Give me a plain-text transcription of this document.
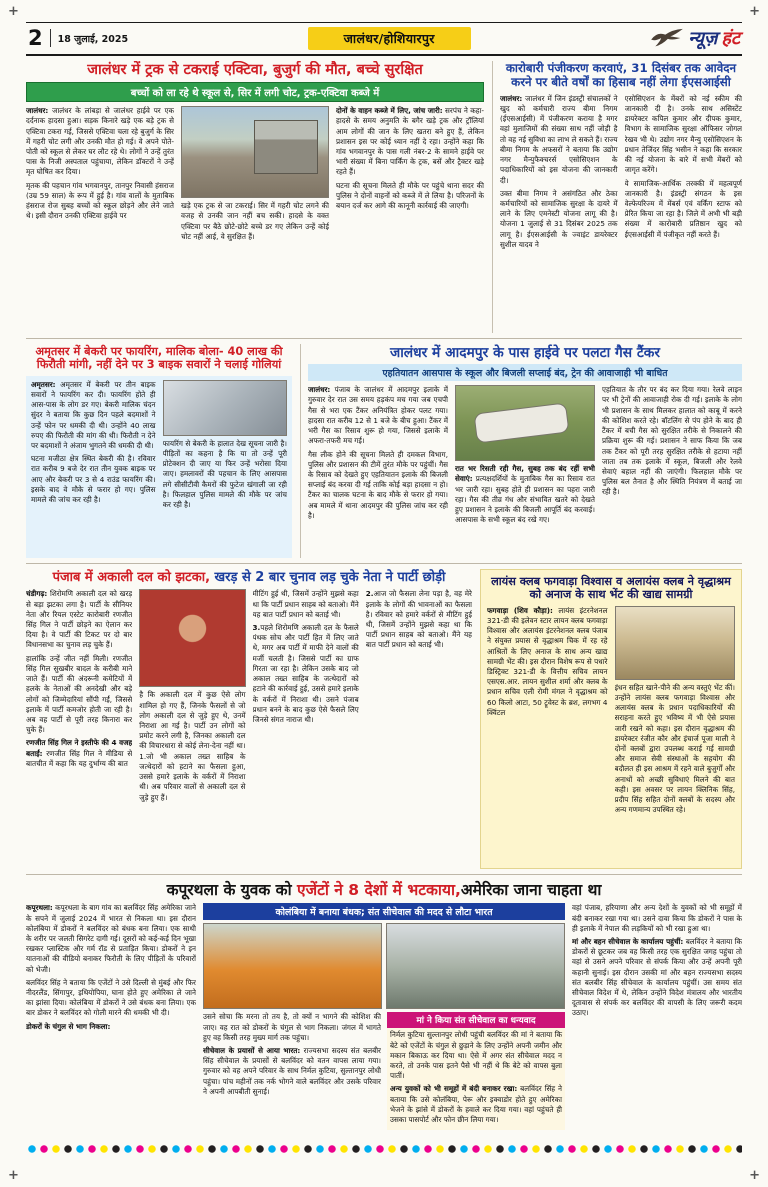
+	+
+	+
2 18 जुलाई, 2025	जालंधर/होशियारपुर	न्यूज़ हंट
जालंधर में ट्रक से टकराई एक्टिवा, बुजुर्ग की मौत, बच्चे सुरक्षित
बच्चों को ला रहे थे स्कूल से, सिर में लगी चोट, ट्रक-एक्टिवा कब्जे में

जालंधर: जालंधर के लांबड़ा से जालंधर हाईवे पर एक दर्दनाक हादसा हुआ। सड़क किनारे खड़े एक बड़े ट्रक से एक्टिवा टकरा गई, जिससे एक्टिवा चला रहे बुजुर्ग के सिर में गहरी चोट लगी और उनकी मौत हो गई। वे अपने पोते-पोती को स्कूल से लेकर घर लौट रहे थे। लोगों ने उन्हें तुरंत पास के निजी अस्पताल पहुंचाया, लेकिन डॉक्टरों ने उन्हें मृत घोषित कर दिया।

मृतक की पहचान गांव भगवानपुर, तानपुर निवासी हंसराज (उम्र 59 साल) के रूप में हुई है। गांव वालों के मुताबिक हंसराज रोज सुबह बच्चों को स्कूल छोड़ने और लेने जाते थे। इसी दौरान उनकी एक्टिवा हाईवे पर

खड़े एक ट्रक से जा टकराई। सिर में गहरी चोट लगने की वजह से उनकी जान नहीं बच सकी। हादसे के वक्त एक्टिवा पर बैठे छोटे-छोटे बच्चे डर गए लेकिन उन्हें कोई चोट नहीं आई, वे सुरक्षित हैं।

दोनों के वाहन कब्जे में लिए, जांच जारी: सरपंच ने कहा- हादसे के समय अनुमति के बगैर खड़े ट्रक और ट्रॉलियां आम लोगों की जान के लिए खतरा बने हुए हैं, लेकिन प्रशासन इस पर कोई ध्यान नहीं दे रहा। उन्होंने कहा कि गांव भगवानपुर के पास गली नंबर-2 के सामने हाईवे पर भारी संख्या में बिना पार्किंग के ट्रक, बसें और ट्रैक्टर खड़े रहते हैं।

घटना की सूचना मिलते ही मौके पर पहुंचे थाना सदर की पुलिस ने दोनों वाहनों को कब्जे में ले लिया है। परिजनों के बयान दर्ज कर आगे की कानूनी कार्रवाई की जाएगी।

कारोबारी पंजीकरण करवाएं, 31 दिसंबर तक आवेदन करने पर बीते वर्षों का हिसाब नहीं लेगा ईएसआईसी

जालंधर: जालंधर में जिन इंडस्ट्री संचालकों ने खुद को कर्मचारी राज्य बीमा निगम (ईएसआईसी) में पंजीकरण कराया है मगर वहां मुलाजिमों की संख्या साथ नहीं जोड़ी है तो वह नई सुविधा का लाभ ले सकते हैं। राज्य बीमा निगम के अफसरों ने बताया कि उद्योग नगर मैन्युफैक्चरर्स एसोसिएशन के पदाधिकारियों को इस योजना की जानकारी दी।

उक्त बीमा निगम ने असंगठित और ठेका कर्मचारियों को सामाजिक सुरक्षा के दायरे में लाने के लिए एमनेस्टी योजना लागू की है। योजना 1 जुलाई से 31 दिसंबर 2025 तक लागू है। ईएसआईसी के ज्वाइंट डायरेक्टर सुशील यादव ने

एसोसिएशन के मेंबरों को नई स्कीम की जानकारी दी है। उनके साथ असिस्टेंट डायरेक्टर कपिल कुमार और दीपक कुमार, विभाग के सामाजिक सुरक्षा ऑफिसर जोगल रेखव भी थे। उद्योग नगर मैन्यु एसोसिएशन के प्रधान तेजिंदर सिंह भसीन ने कहा कि सरकार की नई योजना के बारे में सभी मेंबरों को जागृत करेंगे।

ये सामाजिक-आर्थिक तरक्की में महत्वपूर्ण जानकारी है। इंडस्ट्री संगठन के इस वेल्फेयरिज्म में मेंबर्स एवं वर्किंग स्टाफ को प्रेरित किया जा रहा है। जिले में अभी भी बड़ी संख्या में कारोबारी प्रतिष्ठान खुद को ईएसआईसी में पंजीकृत नहीं करते हैं।

अमृतसर में बेकरी पर फायरिंग, मालिक बोला- 40 लाख की फिरौती मांगी, नहीं देने पर 3 बाइक सवारों ने चलाई गोलियां

अमृतसर: अमृतसर में बेकरी पर तीन बाइक सवारों ने फायरिंग कर दी। फायरिंग होते ही आस-पास के लोग डर गए। बेकरी मालिक चंदन सुंदर ने बताया कि कुछ दिन पहले बदमाशों ने उन्हें फोन पर धमकी दी थी। उन्होंने 40 लाख रुपए की फिरौती की मांग की थी। फिरौती न देने पर बदमाशों ने अंजाम भुगतने की धमकी दी थी।

घटना मजीठा क्षेत्र स्थित बेकरी की है। रविवार रात करीब 9 बजे देर रात तीन युवक बाइक पर आए और बेकरी पर 3 से 4 राउंड फायरिंग की। इसके बाद वे मौके से फरार हो गए। पुलिस मामले की जांच कर रही है।

फायरिंग से बेकरी के हालात देख सूचना जारी है। पीड़ितों का कहना है कि या तो उन्हें पूरी प्रोटेक्शन दी जाए या फिर उन्हें भरोसा दिया जाए। हमलावरों की पहचान के लिए आसपास लगे सीसीटीवी कैमरों की फुटेज खंगाली जा रही है। फिलहाल पुलिस मामले की मौके पर जांच कर रही है।

जालंधर में आदमपुर के पास हाईवे पर पलटा गैस टैंकर
एहतियातन आसपास के स्कूल और बिजली सप्लाई बंद, ट्रेन की आवाजाही भी बाधित

जालंधर: पंजाब के जालंधर में आदमपुर इलाके में गुरुवार देर रात उस समय हड़कंप मच गया जब एचपी गैस से भरा एक टैंकर अनियंत्रित होकर पलट गया। हादसा रात करीब 12 से 1 बजे के बीच हुआ। टैंकर में भरी गैस का रिसाव शुरू हो गया, जिससे इलाके में अफरा-तफरी मच गई।

गैस लीक होने की सूचना मिलते ही दमकल विभाग, पुलिस और प्रशासन की टीमें तुरंत मौके पर पहुंचीं। गैस के रिसाव को देखते हुए एहतियातन इलाके की बिजली सप्लाई बंद करवा दी गई ताकि कोई बड़ा हादसा न हो। टैंकर का चालक घटना के बाद मौके से फरार हो गया। अब मामले में थाना आदमपुर की पुलिस जांच कर रही है।

रात भर रिसती रही गैस, सुबह तक बंद रहीं सभी सेवाएं: प्रत्यक्षदर्शियों के मुताबिक गैस का रिसाव रात भर जारी रहा। सुबह होते ही प्रशासन का पहरा जारी रहा। गैस की तीव्र गंध और संभावित खतरे को देखते हुए प्रशासन ने इलाके की बिजली आपूर्ति बंद करवाई। आसपास के सभी स्कूल बंद रखे गए।

एहतियात के तौर पर बंद कर दिया गया। रेलवे लाइन पर भी ट्रेनों की आवाजाही रोक दी गई। इलाके के लोग भी प्रशासन के साथ मिलकर हालात को काबू में करने की कोशिश करते रहे। बॉटलिंग से पंप होने के बाद ही टैंकर में बची गैस को सुरक्षित तरीके से निकालने की प्रक्रिया शुरू की गई। प्रशासन ने साफ किया कि जब तक टैंकर को पूरी तरह सुरक्षित तरीके से हटाया नहीं जाता तब तक इलाके में स्कूल, बिजली और रेलवे सेवाएं बहाल नहीं की जाएंगी। फिलहाल मौके पर पुलिस बल तैनात है और स्थिति नियंत्रण में बताई जा रही है।

पंजाब में अकाली दल को झटका, खरड़ से 2 बार चुनाव लड़ चुके नेता ने पार्टी छोड़ी

चंडीगढ़: शिरोमणि अकाली दल को खरड़ से बड़ा झटका लगा है। पार्टी के सीनियर नेता और रियल एस्टेट कारोबारी रणजीत सिंह गिल ने पार्टी छोड़ने का ऐलान कर दिया है। वे पार्टी की टिकट पर दो बार विधानसभा का चुनाव लड़ चुके हैं।

हालांकि उन्हें जीत नहीं मिली। रणजीत सिंह गिल सुखबीर बादल के करीबी माने जाते हैं। पार्टी की अंदरूनी कमेटियों में हलके के नेताओं की अनदेखी और बड़े लोगों को जिम्मेदारियां सौंपी गईं, जिससे इलाके में पार्टी कमजोर होती जा रही है। अब वह पार्टी से पूरी तरह किनारा कर चुके हैं।

रणजीत सिंह गिल ने इस्तीफे की 4 वजह बताईं: रणजीत सिंह गिल ने मीडिया से बातचीत में कहा कि यह दुर्भाग्य की बात

है कि अकाली दल में कुछ ऐसे लोग शामिल हो गए हैं, जिनके फैसलों से जो लोग अकाली दल से जुड़े हुए थे, उनमें निराशा आ गई है। पार्टी उन लोगों को प्रमोट करने लगी है, जिनका अकाली दल की विचारधारा से कोई लेना-देना नहीं था। 1.जो भी अकाल तख्त साहिब के जत्थेदारों को हटाने का फैसला हुआ, उससे हमारे इलाके के वर्करों में निराशा थी। अब परिवार वालों से अकाली दल से जुड़े हुए हैं।

मीटिंग हुई थी, जिसमें उन्होंने मुझसे कहा था कि पार्टी प्रधान साहब को बताओ। मैंने यह बात पार्टी प्रधान को बताई भी।

3.पहले शिरोमणि अकाली दल के फैसले पंथक सोच और पार्टी हित में लिए जाते थे, मगर अब पार्टी में माफी देने वालों की मर्जी चलती है। जिससे पार्टी का ग्राफ गिरता जा रहा है। लेकिन उसके बाद जो अकाल तख्त साहिब के जत्थेदारों को हटाने की कार्रवाई हुई, उससे हमारे इलाके के वर्करों में निराशा थी। उसने पंजाब प्रधान बनने के बाद कुछ ऐसे फैसले लिए जिनसे संगत नाराज थी।

2.आज जो फैसला लेना पड़ा है, वह मेरे इलाके के लोगों की भावनाओं का फैसला है। रविवार को हमारे वर्करों से मीटिंग हुई थी, जिसमें उन्होंने मुझसे कहा था कि पार्टी प्रधान साहब को बताओ। मैंने यह बात पार्टी प्रधान को बताई भी।

लायंस क्लब फगवाड़ा विश्वास व अलायंस क्लब ने वृद्धाश्रम को अनाज के साथ भेंट की खाद्य सामग्री

फगवाड़ा (शिव कौड़ा): लायंस इंटरनेशनल 321-डी की इलेवन स्टार लायन क्लब फगवाड़ा विश्वास और अलायंस इंटरनेशनल क्लब पंजाब ने संयुक्त प्रयास से वृद्धाश्रम चिक में रह रहे आश्रितों के लिए अनाज के साथ अन्य खाद्य सामग्री भेंट की। इस दौरान विशेष रूप से पधारे डिस्ट्रिक्ट 321-डी के वित्तीय सचिव लायन एसएस.आर. लायन सुशील शर्मा और क्लब के प्रधान सचिव एली रोमी मंगल ने वृद्धाश्रम को 60 किलो आटा, 50 ट्रूवेस्ट के ब्रश, लगभग 4 क्विंटल

इंधन सहित खाने-पीने की अन्य वस्तुएं भेंट कीं। उन्होंने लायंस क्लब फगवाड़ा विश्वास और अलायंस क्लब के प्रधान पदाधिकारियों की सराहना करते हुए भविष्य में भी ऐसे प्रयास जारी रखने को कहा। इस दौरान वृद्धाश्रम की डायरेक्टर रंजीत कौर और इंचार्ज पूजा माली ने दोनों क्लबों द्वारा उपलब्ध कराई गई सामग्री और समाज सेवी संस्थाओं के सहयोग की बदौलत ही इस आश्रम में रहने वाले बुजुर्गों और अनाथों को अच्छी सुविधाएं मिलने की बात कही। इस अवसर पर लायन क्लिनिक सिंह, प्रदीप सिंह सहित दोनों क्लबों के सदस्य और अन्य गणमान्य उपस्थित रहे।

कपूरथला के युवक को एजेंटों ने 8 देशों में भटकाया,अमेरिका जाना चाहता था

कपूरथला: कपूरथला के बाग गांव का बलविंदर सिंह अमेरिका जाने के सपने में जुलाई 2024 में भारत से निकला था। इस दौरान कोलंबिया में डोकरों ने बलविंदर को बंधक बना लिया। एक साथी के शरीर पर जलती सिगरेट दागी गई। दूसरों को कई-कई दिन भूखा रखकर प्लास्टिक और गर्म रॉड से प्रताड़ित किया। डोकरों ने इन यातनाओं की वीडियो बनाकर फिरौती के लिए पीड़ितों के परिवारों को भेजी।

बलविंदर सिंह ने बताया कि एजेंटों ने उसे दिल्ली से मुंबई और फिर नीदरलैंड, सिंगापुर, इथियोपिया, घाना होते हुए अमेरिका ले जाने का झांसा दिया। कोलंबिया में डोकरों ने उसे बंधक बना लिया। एक बार डोकर ने बलविंदर को गोली मारने की धमकी भी दी।

डोकरों के चंगुल से भाग निकला:

कोलंबिया में बनाया बंधक; संत सीचेवाल की मदद से लौटा भारत

उसने सोचा कि मरना तो तय है, तो क्यों न भागने की कोशिश की जाए। वह रात को डोकरों के चंगुल से भाग निकला। जंगल में भागते हुए वह किसी तरह मुख्य मार्ग तक पहुंचा।

सीचेवाल के प्रयासों से आया भारत: राज्यसभा सदस्य संत बलबीर सिंह सीचेवाल के प्रयासों से बलविंदर को वतन वापस लाया गया। गुरुवार को वह अपने परिवार के साथ निर्मल कुटिया, सुल्तानपुर लोधी पहुंचा। पांच महीनों तक नर्क भोगने वाले बलविंदर और उसके परिवार ने अपनी आपबीती सुनाई।

मां ने किया संत सीचेवाल का धन्यवाद

निर्मल कुटिया सुल्तानपुर लोधी पहुंची बलविंदर की मां ने बताया कि बेटे को एजेंटों के चंगुल से छुड़ाने के लिए उन्होंने अपनी जमीन और मकान बिकाऊ कर दिया था। ऐसे में अगर संत सीचेवाल मदद न करते, तो उनके पास इतने पैसे भी नहीं थे कि बेटे को वापस बुला पातीं।

अन्य युवकों को भी समूहों में बंदी बनाकर रखा: बलविंदर सिंह ने बताया कि उसे कोलंबिया, पेरू और इक्वाडोर होते हुए अमेरिका भेजने के झांसे में डोकरों के हवाले कर दिया गया। वहां पहुंचते ही उसका पासपोर्ट और फोन छीन लिया गया।

वहां पंजाब, हरियाणा और अन्य देशों के युवकों को भी समूहों में बंदी बनाकर रखा गया था। उसने दावा किया कि डोकरों ने पास के ही इलाके में नेपाल की लड़कियों को भी रखा हुआ था।

मां और बहन सीचेवाल के कार्यालय पहुंचीं: बलविंदर ने बताया कि डोकरों से छूटकर जब वह किसी तरह एक सुरक्षित जगह पहुंचा तो वहां से उसने अपने परिवार से संपर्क किया और उन्हें अपनी पूरी कहानी सुनाई। इस दौरान उसकी मां और बहन राज्यसभा सदस्य संत बलबीर सिंह सीचेवाल के कार्यालय पहुंचीं। उस समय संत सीचेवाल विदेश में थे, लेकिन उन्होंने विदेश मंत्रालय और भारतीय दूतावास से संपर्क कर बलविंदर की वापसी के लिए जरूरी कदम उठाए।
